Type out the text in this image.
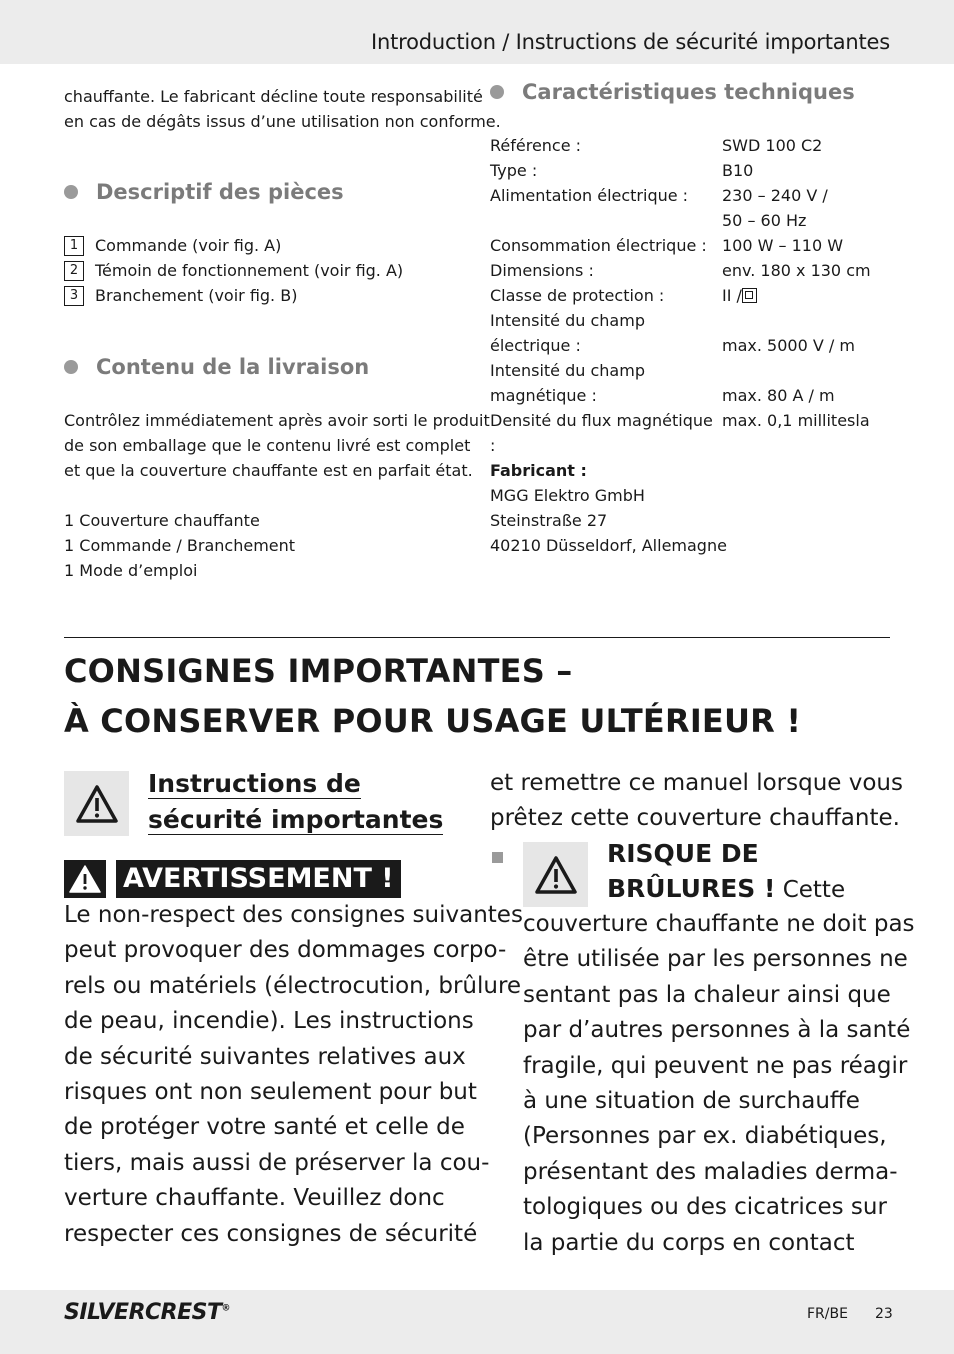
Introduction / Instructions de sécurité importantes
chauffante. Le fabricant décline toute responsabilité
en cas de dégâts issus d’une utilisation non conforme.
Descriptif des pièces
1	Commande (voir fig. A)
2	Témoin de fonctionnement (voir fig. A)
3	Branchement (voir fig. B)
Contenu de la livraison
Contrôlez immédiatement après avoir sorti le produit
de son emballage que le contenu livré est complet
et que la couverture chauffante est en parfait état.
1 Couverture chauffante
1 Commande / Branchement
1 Mode d’emploi
Caractéristiques techniques
Référence :	SWD 100 C2
Type :	B10
Alimentation électrique :	230 – 240 V /
50 – 60 Hz
Consommation électrique : 100 W – 110 W
Dimensions :	env. 180 x 130 cm
Classe de protection :	II /
Intensité du champ
électrique :	max. 5000 V / m
Intensité du champ
magnétique :	max. 80 A / m
Densité du flux magnétique :
max. 0,1 millitesla
Fabricant :
MGG Elektro GmbH
Steinstraße 27
40210 Düsseldorf, Allemagne
CONSIGNES IMPORTANTES –
À CONSERVER POUR USAGE ULTÉRIEUR !
Instructions de
sécurité importantes
AVERTISSEMENT !
Le non-respect des consignes suivantes
peut provoquer des dommages corpo-
rels ou matériels (électrocution, brûlure
de peau, incendie). Les instructions
de sécurité suivantes relatives aux
risques ont non seulement pour but
de protéger votre santé et celle de
tiers, mais aussi de préserver la cou-
verture chauffante. Veuillez donc
respecter ces consignes de sécurité
et remettre ce manuel lorsque vous
prêtez cette couverture chauffante.
RISQUE DE
BRÛLURES ! Cette
couverture chauffante ne doit pas
être utilisée par les personnes ne
sentant pas la chaleur ainsi que
par d’autres personnes à la santé
fragile, qui peuvent ne pas réagir
à une situation de surchauffe
(Personnes par ex. diabétiques,
présentant des maladies derma-
tologiques ou des cicatrices sur
la partie du corps en contact
SILVERCREST®	FR/BE 23
